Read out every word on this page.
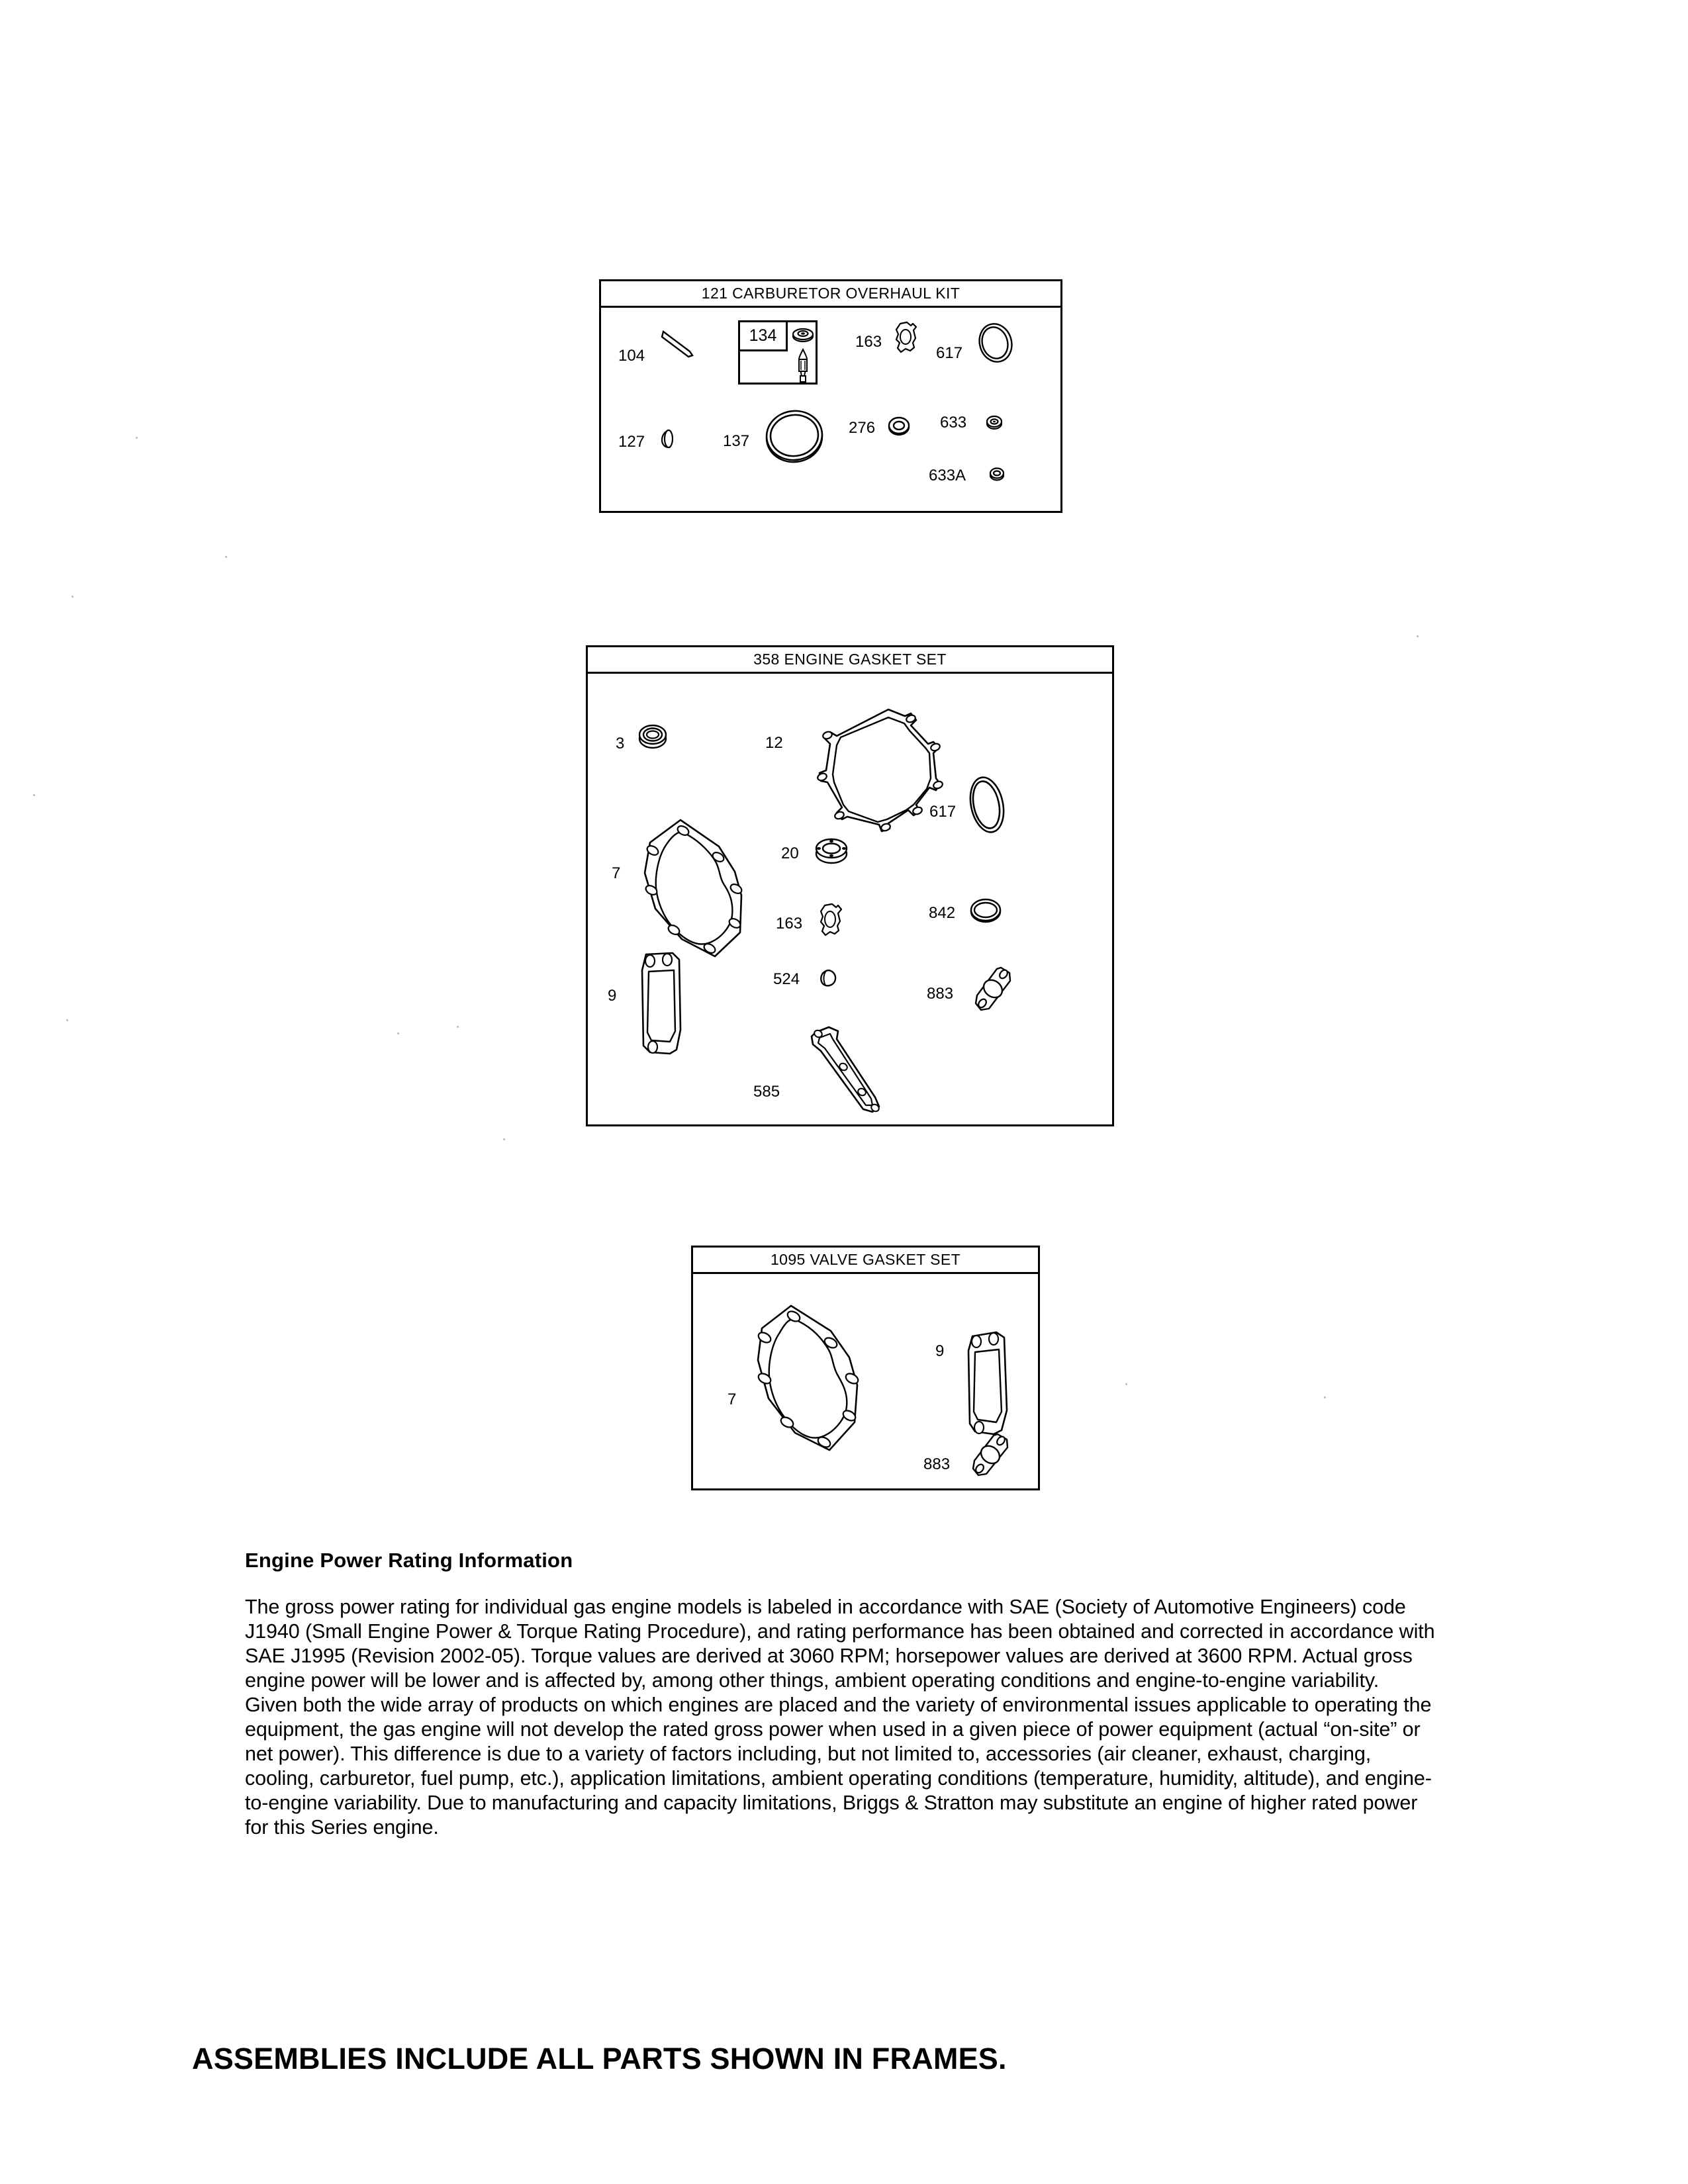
121 CARBURETOR OVERHAUL KIT
104
134	163
617
127	137
276	633
633A
358 ENGINE GASKET SET
3	12
7
617
20
163
842
9
524
883
585
1095 VALVE GASKET SET
7
9
883
Engine Power Rating Information

The gross power rating for individual gas engine models is labeled in accordance with SAE (Society of Automotive Engineers) code J1940 (Small Engine Power & Torque Rating Procedure), and rating performance has been obtained and corrected in accordance with SAE J1995 (Revision 2002-05). Torque values are derived at 3060 RPM; horsepower values are derived at 3600 RPM. Actual gross engine power will be lower and is affected by, among other things, ambient operating conditions and engine-to-engine variability. Given both the wide array of products on which engines are placed and the variety of environmental issues applicable to operating the equipment, the gas engine will not develop the rated gross power when used in a given piece of power equipment (actual “on-site” or net power). This difference is due to a variety of factors including, but not limited to, accessories (air cleaner, exhaust, charging, cooling, carburetor, fuel pump, etc.), application limitations, ambient operating conditions (temperature, humidity, altitude), and engine-to-engine variability. Due to manufacturing and capacity limitations, Briggs & Stratton may substitute an engine of higher rated power for this Series engine.

ASSEMBLIES INCLUDE ALL PARTS SHOWN IN FRAMES.
